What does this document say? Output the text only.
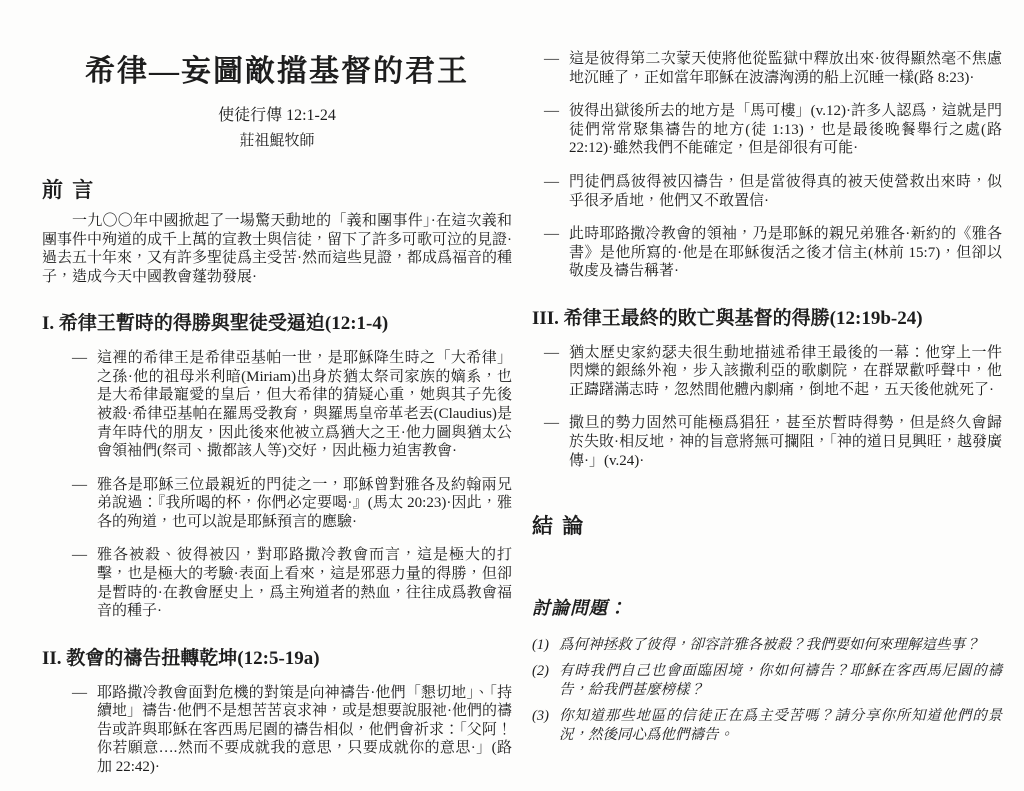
希律—妄圖敵擋基督的君王
使徒行傳 12:1-24
莊祖鯤牧師
前 言

一九〇〇年中國掀起了一場驚天動地的「義和團事件」·在這次義和團事件中殉道的成千上萬的宣教士與信徒，留下了許多可歌可泣的見證·過去五十年來，又有許多聖徒爲主受苦·然而這些見證，都成爲福音的種子，造成今天中國教會蓬勃發展·

I. 希律王暫時的得勝與聖徒受逼迫(12:1-4)
— 這裡的希律王是希律亞基帕一世，是耶穌降生時之「大希律」之孫·他的祖母米利暗(Miriam)出身於猶太祭司家族的嫡系，也是大希律最寵愛的皇后，但大希律的猜疑心重，她與其子先後被殺·希律亞基帕在羅馬受教育，與羅馬皇帝革老丟(Claudius)是青年時代的朋友，因此後來他被立爲猶大之王·他力圖與猶太公會領袖們(祭司、撒都該人等)交好，因此極力迫害教會·
— 雅各是耶穌三位最親近的門徒之一，耶穌曾對雅各及約翰兩兄弟說過：『我所喝的杯，你們必定要喝·』(馬太 20:23)·因此，雅各的殉道，也可以說是耶穌預言的應驗·
— 雅各被殺、彼得被囚，對耶路撒冷教會而言，這是極大的打擊，也是極大的考驗·表面上看來，這是邪惡力量的得勝，但卻是暫時的·在教會歷史上，爲主殉道者的熱血，往往成爲教會福音的種子·
II. 教會的禱告扭轉乾坤(12:5-19a)
— 耶路撒冷教會面對危機的對策是向神禱告·他們「懇切地」、「持續地」禱告·他們不是想苦苦哀求神，或是想要說服祂·他們的禱告或許與耶穌在客西馬尼園的禱告相似，他們會祈求：「父阿！你若願意….然而不要成就我的意思，只要成就你的意思·」(路加 22:42)·
— 這是彼得第二次蒙天使將他從監獄中釋放出來·彼得顯然毫不焦慮地沉睡了，正如當年耶穌在波濤洶湧的船上沉睡一樣(路 8:23)·
— 彼得出獄後所去的地方是「馬可樓」(v.12)·許多人認爲，這就是門徒們常常聚集禱告的地方(徒 1:13)，也是最後晚餐舉行之處(路 22:12)·雖然我們不能確定，但是卻很有可能·
— 門徒們爲彼得被囚禱告，但是當彼得真的被天使營救出來時，似乎很矛盾地，他們又不敢置信·
— 此時耶路撒冷教會的領袖，乃是耶穌的親兄弟雅各·新約的《雅各書》是他所寫的·他是在耶穌復活之後才信主(林前 15:7)，但卻以敬虔及禱告稱著·
III. 希律王最終的敗亡與基督的得勝(12:19b-24)
— 猶太歷史家約瑟夫很生動地描述希律王最後的一幕：他穿上一件閃爍的銀絲外袍，步入該撒利亞的歌劇院，在群眾歡呼聲中，他正躊躇滿志時，忽然間他體內劇痛，倒地不起，五天後他就死了·
— 撒旦的勢力固然可能極爲猖狂，甚至於暫時得勢，但是終久會歸於失敗·相反地，神的旨意將無可攔阻，「神的道日見興旺，越發廣傳·」(v.24)·
結 論
討論問題：
(1) 爲何神拯救了彼得，卻容許雅各被殺？我們要如何來理解這些事？
(2) 有時我們自己也會面臨困境，你如何禱告？耶穌在客西馬尼園的禱告，給我們甚麼榜樣？
(3) 你知道那些地區的信徒正在爲主受苦嗎？請分享你所知道他們的景況，然後同心爲他們禱告。
